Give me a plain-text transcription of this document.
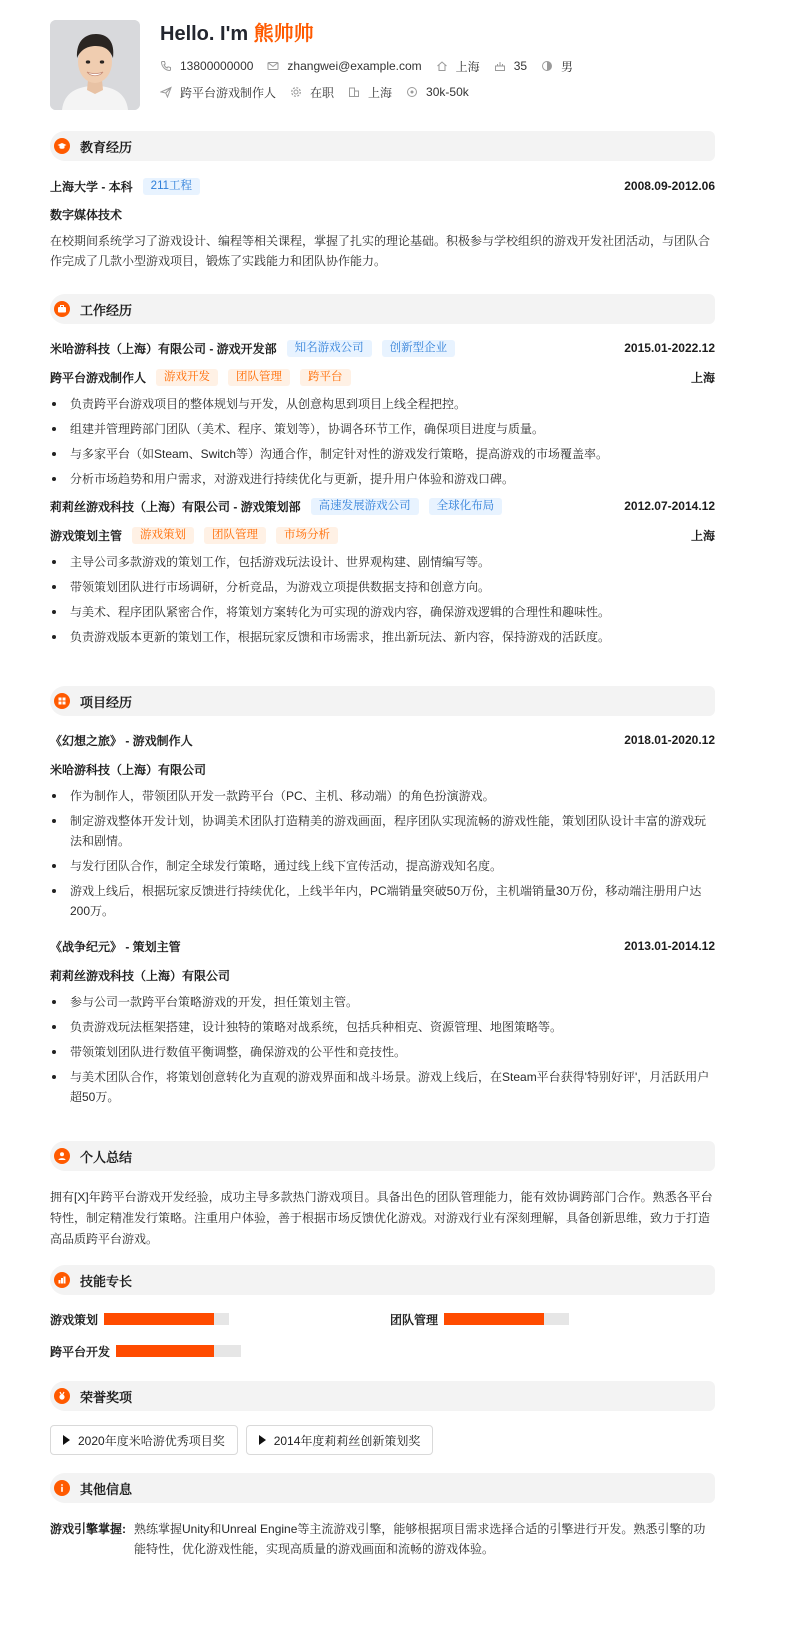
Hello. I'm 熊帅帅
13800000000	zhangwei@example.com	上海	35	男
跨平台游戏制作人	在职	上海	30k-50k
教育经历
上海大学 - 本科	211工程	2008.09-2012.06
数字媒体技术
在校期间系统学习了游戏设计、编程等相关课程，掌握了扎实的理论基础。积极参与学校组织的游戏开发社团活动，与团队合作完成了几款小型游戏项目，锻炼了实践能力和团队协作能力。
工作经历
米哈游科技（上海）有限公司 - 游戏开发部	知名游戏公司	创新型企业	2015.01-2022.12
跨平台游戏制作人	游戏开发	团队管理	跨平台	上海
负责跨平台游戏项目的整体规划与开发，从创意构思到项目上线全程把控。
组建并管理跨部门团队（美术、程序、策划等），协调各环节工作，确保项目进度与质量。
与多家平台（如Steam、Switch等）沟通合作，制定针对性的游戏发行策略，提高游戏的市场覆盖率。
分析市场趋势和用户需求，对游戏进行持续优化与更新，提升用户体验和游戏口碑。
莉莉丝游戏科技（上海）有限公司 - 游戏策划部	高速发展游戏公司	全球化布局	2012.07-2014.12
游戏策划主管	游戏策划	团队管理	市场分析	上海
主导公司多款游戏的策划工作，包括游戏玩法设计、世界观构建、剧情编写等。
带领策划团队进行市场调研，分析竞品，为游戏立项提供数据支持和创意方向。
与美术、程序团队紧密合作，将策划方案转化为可实现的游戏内容，确保游戏逻辑的合理性和趣味性。
负责游戏版本更新的策划工作，根据玩家反馈和市场需求，推出新玩法、新内容，保持游戏的活跃度。
项目经历
《幻想之旅》 - 游戏制作人	2018.01-2020.12
米哈游科技（上海）有限公司
作为制作人，带领团队开发一款跨平台（PC、主机、移动端）的角色扮演游戏。
制定游戏整体开发计划，协调美术团队打造精美的游戏画面，程序团队实现流畅的游戏性能，策划团队设计丰富的游戏玩法和剧情。
与发行团队合作，制定全球发行策略，通过线上线下宣传活动，提高游戏知名度。
游戏上线后，根据玩家反馈进行持续优化，上线半年内，PC端销量突破50万份，主机端销量30万份，移动端注册用户达200万。
《战争纪元》 - 策划主管	2013.01-2014.12
莉莉丝游戏科技（上海）有限公司
参与公司一款跨平台策略游戏的开发，担任策划主管。
负责游戏玩法框架搭建，设计独特的策略对战系统，包括兵种相克、资源管理、地图策略等。
带领策划团队进行数值平衡调整，确保游戏的公平性和竞技性。
与美术团队合作，将策划创意转化为直观的游戏界面和战斗场景。游戏上线后，在Steam平台获得'特别好评'，月活跃用户超50万。
个人总结
拥有[X]年跨平台游戏开发经验，成功主导多款热门游戏项目。具备出色的团队管理能力，能有效协调跨部门合作。熟悉各平台特性，制定精准发行策略。注重用户体验，善于根据市场反馈优化游戏。对游戏行业有深刻理解，具备创新思维，致力于打造高品质跨平台游戏。
技能专长
游戏策划	团队管理
跨平台开发
荣誉奖项
2020年度米哈游优秀项目奖	2014年度莉莉丝创新策划奖
其他信息
游戏引擎掌握: 熟练掌握Unity和Unreal Engine等主流游戏引擎，能够根据项目需求选择合适的引擎进行开发。熟悉引擎的功能特性，优化游戏性能，实现高质量的游戏画面和流畅的游戏体验。
